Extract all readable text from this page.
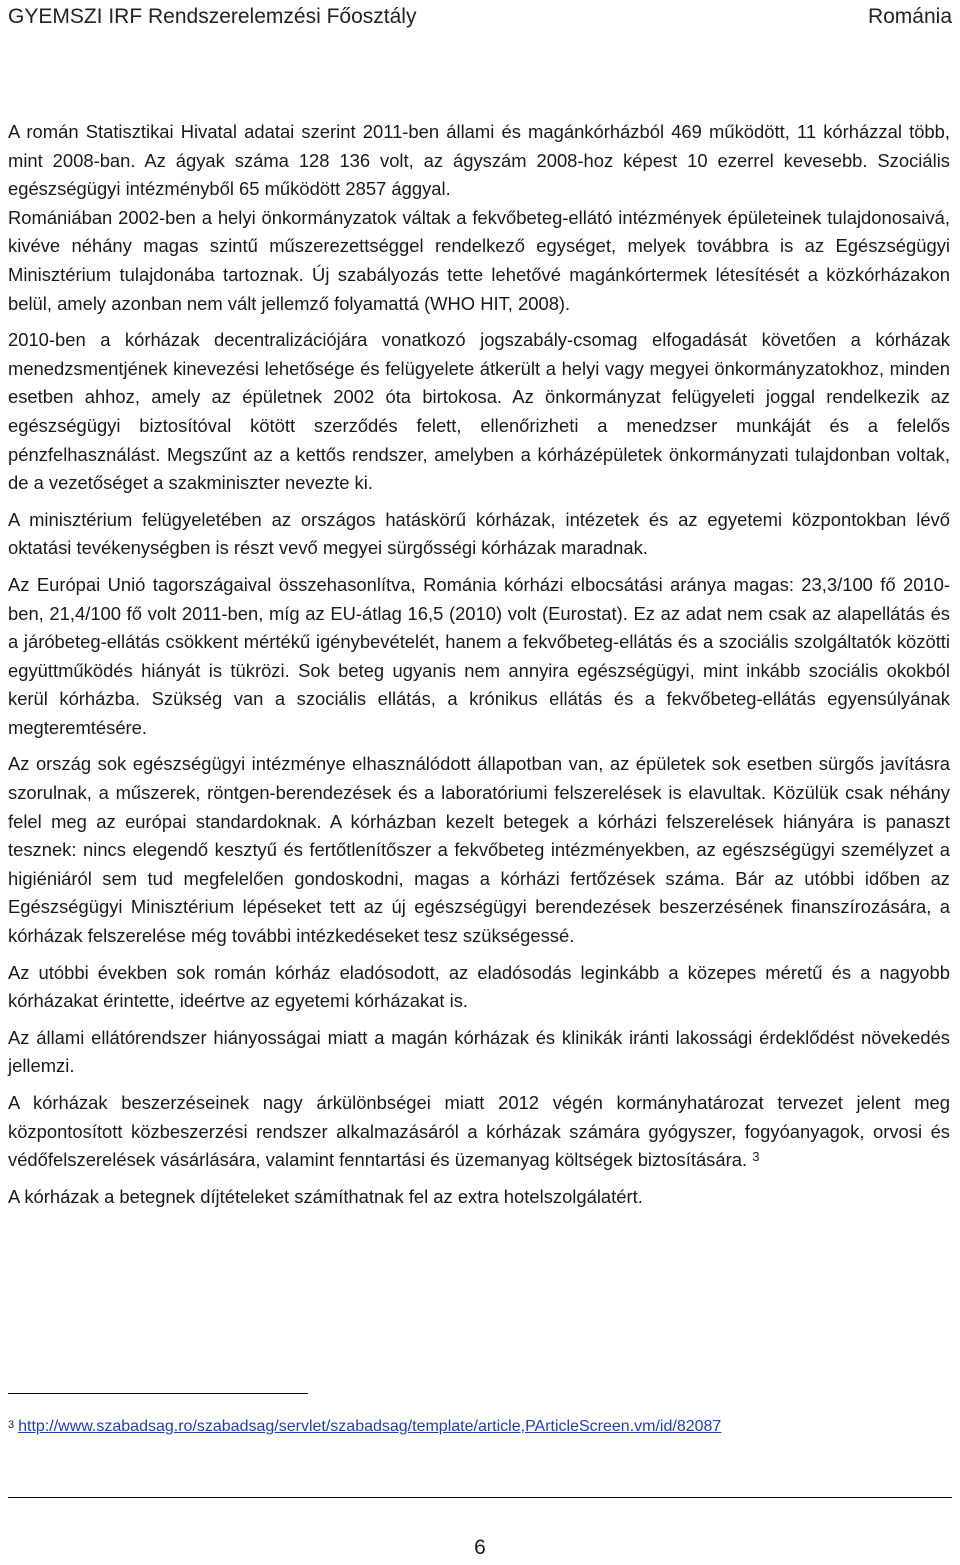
GYEMSZI IRF Rendszerelemzési Főosztály	Románia

A román Statisztikai Hivatal adatai szerint 2011-ben állami és magánkórházból 469 működött, 11 kórházzal több, mint 2008-ban. Az ágyak száma 128 136 volt, az ágyszám 2008-hoz képest 10 ezerrel kevesebb. Szociális egészségügyi intézményből 65 működött 2857 ággyal.

Romániában 2002-ben a helyi önkormányzatok váltak a fekvőbeteg-ellátó intézmények épületeinek tulajdonosaivá, kivéve néhány magas szintű műszerezettséggel rendelkező egységet, melyek továbbra is az Egészségügyi Minisztérium tulajdonába tartoznak. Új szabályozás tette lehetővé magánkórtermek létesítését a közkórházakon belül, amely azonban nem vált jellemző folyamattá (WHO HIT, 2008).

2010-ben a kórházak decentralizációjára vonatkozó jogszabály-csomag elfogadását követően a kórházak menedzsmentjének kinevezési lehetősége és felügyelete átkerült a helyi vagy megyei önkormányzatokhoz, minden esetben ahhoz, amely az épületnek 2002 óta birtokosa. Az önkormányzat felügyeleti joggal rendelkezik az egészségügyi biztosítóval kötött szerződés felett, ellenőrizheti a menedzser munkáját és a felelős pénzfelhasználást. Megszűnt az a kettős rendszer, amelyben a kórházépületek önkormányzati tulajdonban voltak, de a vezetőséget a szakminiszter nevezte ki.

A minisztérium felügyeletében az országos hatáskörű kórházak, intézetek és az egyetemi központokban lévő oktatási tevékenységben is részt vevő megyei sürgősségi kórházak maradnak.

Az Európai Unió tagországaival összehasonlítva, Románia kórházi elbocsátási aránya magas: 23,3/100 fő 2010-ben, 21,4/100 fő volt 2011-ben, míg az EU-átlag 16,5 (2010) volt (Eurostat). Ez az adat nem csak az alapellátás és a járóbeteg-ellátás csökkent mértékű igénybevételét, hanem a fekvőbeteg-ellátás és a szociális szolgáltatók közötti együttműködés hiányát is tükrözi. Sok beteg ugyanis nem annyira egészségügyi, mint inkább szociális okokból kerül kórházba. Szükség van a szociális ellátás, a krónikus ellátás és a fekvőbeteg-ellátás egyensúlyának megteremtésére.

Az ország sok egészségügyi intézménye elhasználódott állapotban van, az épületek sok esetben sürgős javításra szorulnak, a műszerek, röntgen-berendezések és a laboratóriumi felszerelések is elavultak. Közülük csak néhány felel meg az európai standardoknak. A kórházban kezelt betegek a kórházi felszerelések hiányára is panaszt tesznek: nincs elegendő kesztyű és fertőtlenítőszer a fekvőbeteg intézményekben, az egészségügyi személyzet a higiéniáról sem tud megfelelően gondoskodni, magas a kórházi fertőzések száma. Bár az utóbbi időben az Egészségügyi Minisztérium lépéseket tett az új egészségügyi berendezések beszerzésének finanszírozására, a kórházak felszerelése még további intézkedéseket tesz szükségessé.

Az utóbbi években sok román kórház eladósodott, az eladósodás leginkább a közepes méretű és a nagyobb kórházakat érintette, ideértve az egyetemi kórházakat is.

Az állami ellátórendszer hiányosságai miatt a magán kórházak és klinikák iránti lakossági érdeklődést növekedés jellemzi.

A kórházak beszerzéseinek nagy árkülönbségei miatt 2012 végén kormányhatározat tervezet jelent meg központosított közbeszerzési rendszer alkalmazásáról a kórházak számára gyógyszer, fogyóanyagok, orvosi és védőfelszerelések vásárlására, valamint fenntartási és üzemanyag költségek biztosítására. $^3$

A kórházak a betegnek díjtételeket számíthatnak fel az extra hotelszolgálatért.

$^3$ http://www.szabadsag.ro/szabadsag/servlet/szabadsag/template/article,PArticleScreen.vm/id/82087
6
